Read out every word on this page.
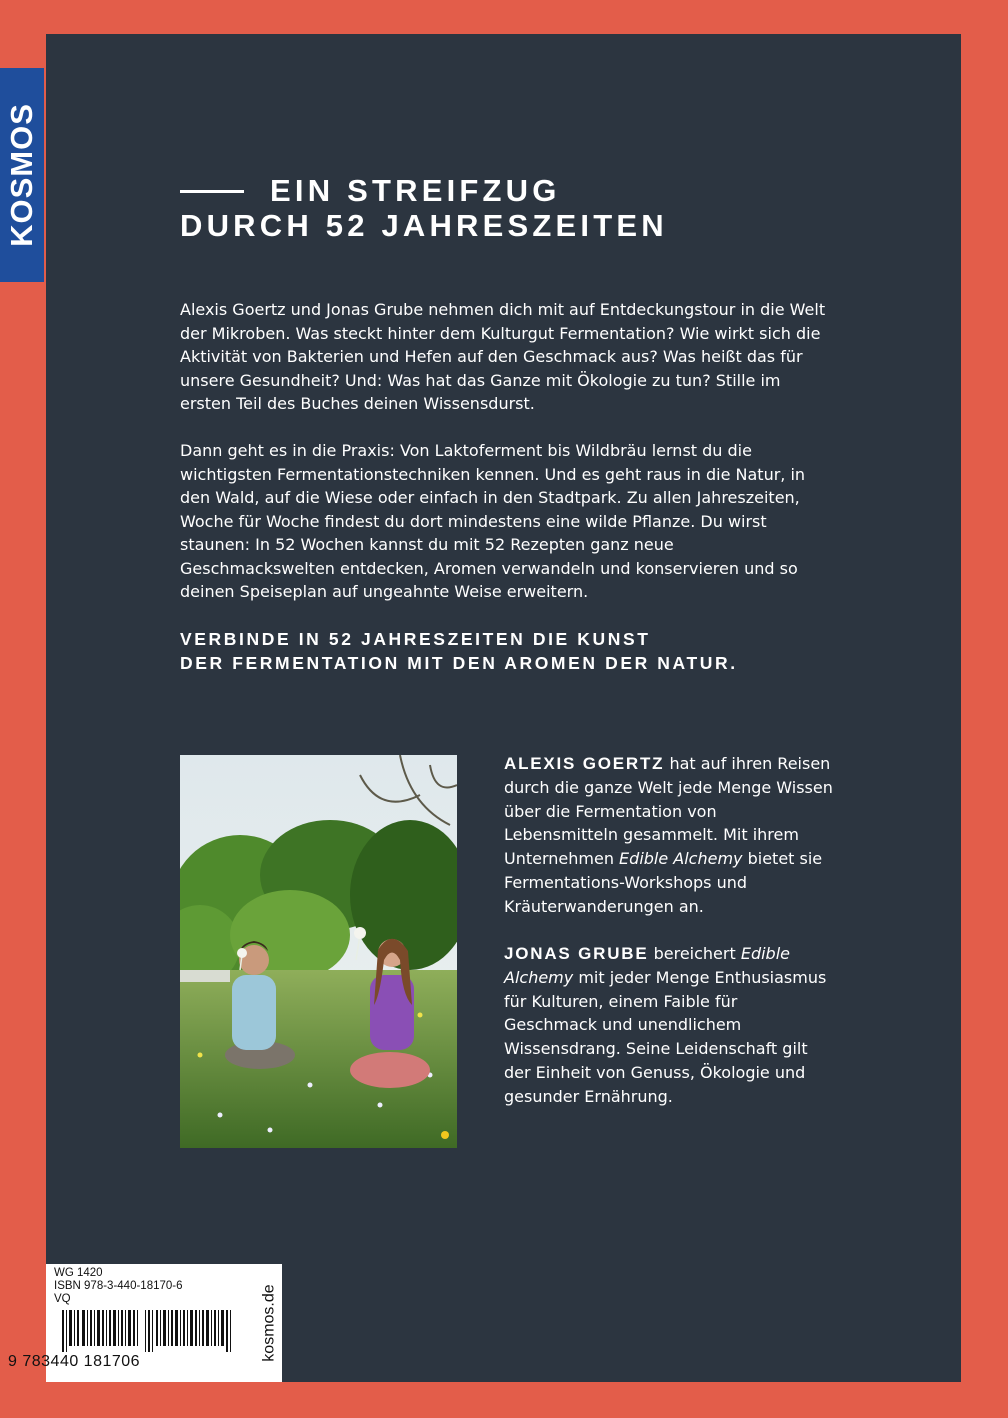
KOSMOS	EIN STREIFZUG
DURCH 52 JAHRESZEITEN

Alexis Goertz und Jonas Grube nehmen dich mit auf Entdeckungstour in die Welt der Mikroben. Was steckt hinter dem Kulturgut Fermentation? Wie wirkt sich die Aktivität von Bakterien und Hefen auf den Geschmack aus? Was heißt das für unsere Gesundheit? Und: Was hat das Ganze mit Ökologie zu tun? Stille im ersten Teil des Buches deinen Wissensdurst.

Dann geht es in die Praxis: Von Laktoferment bis Wildbräu lernst du die wichtigsten Fermentationstechniken kennen. Und es geht raus in die Natur, in den Wald, auf die Wiese oder einfach in den Stadtpark. Zu allen Jahreszeiten, Woche für Woche findest du dort mindestens eine wilde Pflanze. Du wirst staunen: In 52 Wochen kannst du mit 52 Rezepten ganz neue Geschmackswelten entdecken, Aromen verwandeln und konservieren und so deinen Speiseplan auf ungeahnte Weise erweitern.

VERBINDE IN 52 JAHRESZEITEN DIE KUNST
DER FERMENTATION MIT DEN AROMEN DER NATUR.

ALEXIS GOERTZ hat auf ihren Reisen durch die ganze Welt jede Menge Wissen über die Fermentation von Lebensmitteln gesammelt. Mit ihrem Unternehmen Edible Alchemy bietet sie Fermentations-Workshops und Kräuterwanderungen an.

JONAS GRUBE bereichert Edible Alchemy mit jeder Menge Enthusiasmus für Kulturen, einem Faible für Geschmack und unendlichem Wissensdrang. Seine Leidenschaft gilt der Einheit von Genuss, Ökologie und gesunder Ernährung.

WG 1420
ISBN 978-3-440-18170-6
VQ
9 783440 181706	kosmos.de
